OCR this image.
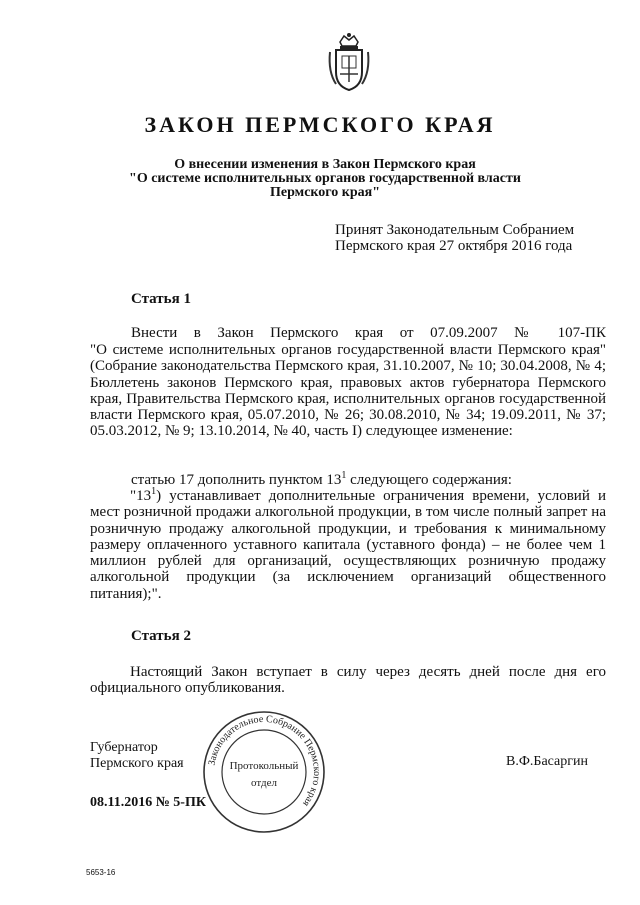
ЗАКОН ПЕРМСКОГО КРАЯ
О внесении изменения в Закон Пермского края
"О системе исполнительных органов государственной власти
Пермского края"
Принят Законодательным Собранием
Пермского края 27 октября 2016 года
Статья 1
Внести в Закон Пермского края от 07.09.2007 № 107-ПК
"О системе исполнительных органов государственной власти Пермского края" (Собрание законодательства Пермского края, 31.10.2007, № 10; 30.04.2008, № 4; Бюллетень законов Пермского края, правовых актов губернатора Пермского края, Правительства Пермского края, исполнительных органов государственной власти Пермского края, 05.07.2010, № 26; 30.08.2010, № 34; 19.09.2011, № 37; 05.03.2012, № 9; 13.10.2014, № 40, часть I) следующее изменение:
статью 17 дополнить пунктом $13^1$ следующего содержания:
"$13^1$) устанавливает дополнительные ограничения времени, условий и мест розничной продажи алкогольной продукции, в том числе полный запрет на розничную продажу алкогольной продукции, и требования к минимальному размеру оплаченного уставного капитала (уставного фонда) – не более чем 1 миллион рублей для организаций, осуществляющих розничную продажу алкогольной продукции (за исключением организаций общественного питания);".
Статья 2
Настоящий Закон вступает в силу через десять дней после дня его официального опубликования.
Губернатор
Пермского края	В.Ф.Басаргин
08.11.2016 № 5-ПК
Законодательное Собрание Пермского края
Протокольный
отдел
5653-16
